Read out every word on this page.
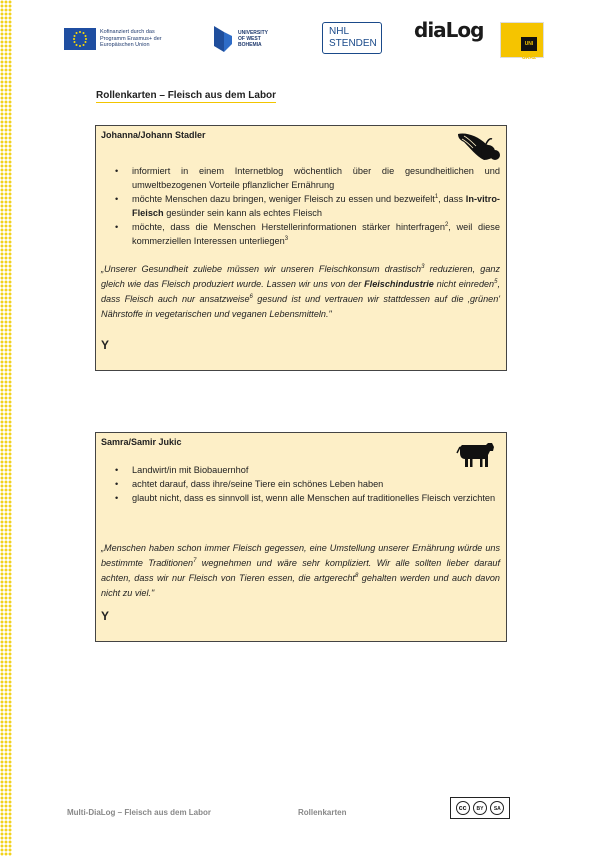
Kofinanziert durch das Programm Erasmus+ der Europäischen Union
UNIVERSITY OF WEST BOHEMIA
NHL
STENDEN
diaLog
UNI GRAZ
Rollenkarten – Fleisch aus dem Labor
Johanna/Johann Stadler
• informiert in einem Internetblog wöchentlich über die gesundheitlichen und umweltbezogenen Vorteile pflanzlicher Ernährung
• möchte Menschen dazu bringen, weniger Fleisch zu essen und bezweifelt$^1$, dass In-vitro-Fleisch gesünder sein kann als echtes Fleisch
• möchte, dass die Menschen Herstellerinformationen stärker hinterfragen$^2$, weil diese kommerziellen Interessen unterliegen$^3$
„Unserer Gesundheit zuliebe müssen wir unseren Fleischkonsum drastisch$^3$ reduzieren, ganz gleich wie das Fleisch produziert wurde. Lassen wir uns von der Fleischindustrie nicht einreden$^5$, dass Fleisch auch nur ansatzweise$^6$ gesund ist und vertrauen wir stattdessen auf die ‚grünen' Nährstoffe in vegetarischen und veganen Lebensmitteln."
Y
Samra/Samir Jukic
• Landwirt/in mit Biobauernhof
• achtet darauf, dass ihre/seine Tiere ein schönes Leben haben
• glaubt nicht, dass es sinnvoll ist, wenn alle Menschen auf traditionelles Fleisch verzichten
„Menschen haben schon immer Fleisch gegessen, eine Umstellung unserer Ernährung würde uns bestimmte Traditionen$^7$ wegnehmen und wäre sehr kompliziert. Wir alle sollten lieber darauf achten, dass wir nur Fleisch von Tieren essen, die artgerecht$^8$ gehalten werden und auch davon nicht zu viel."
Y
Multi-DiaLog – Fleisch aus dem Labor	Rollenkarten	cc	BY	SA
